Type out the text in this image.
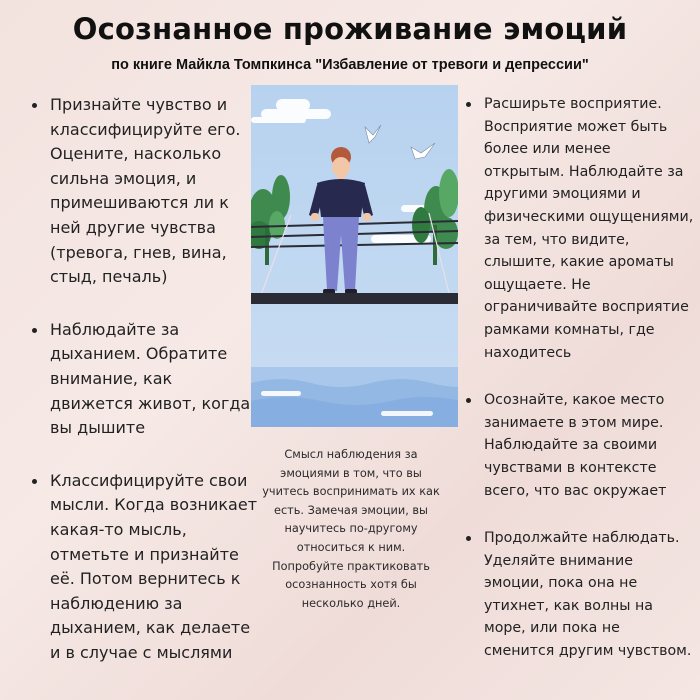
Осознанное проживание эмоций
по книге Майкла Томпкинса "Избавление от тревоги и депрессии"
Признайте чувство и классифицируйте его. Оцените, насколько сильна эмоция, и примешиваются ли к ней другие чувства (тревога, гнев, вина, стыд, печаль)
Наблюдайте за дыханием. Обратите внимание, как движется живот, когда вы дышите
Классифицируйте свои мысли. Когда возникает какая-то мысль, отметьте и признайте её. Потом вернитесь к наблюдению за дыханием, как делаете и в случае с мыслями
Расширьте восприятие. Восприятие может быть более или менее открытым. Наблюдайте за другими эмоциями и физическими ощущениями, за тем, что видите, слышите, какие ароматы ощущаете. Не ограничивайте восприятие рамками комнаты, где находитесь
Осознайте, какое место занимаете в этом мире. Наблюдайте за своими чувствами в контексте всего, что вас окружает
Продолжайте наблюдать. Уделяйте внимание эмоции, пока она не утихнет, как волны на море, или пока не сменится другим чувством.
Смысл наблюдения за эмоциями в том, что вы учитесь воспринимать их как есть. Замечая эмоции, вы научитесь по-другому относиться к ним. Попробуйте практиковать осознанность хотя бы несколько дней.
